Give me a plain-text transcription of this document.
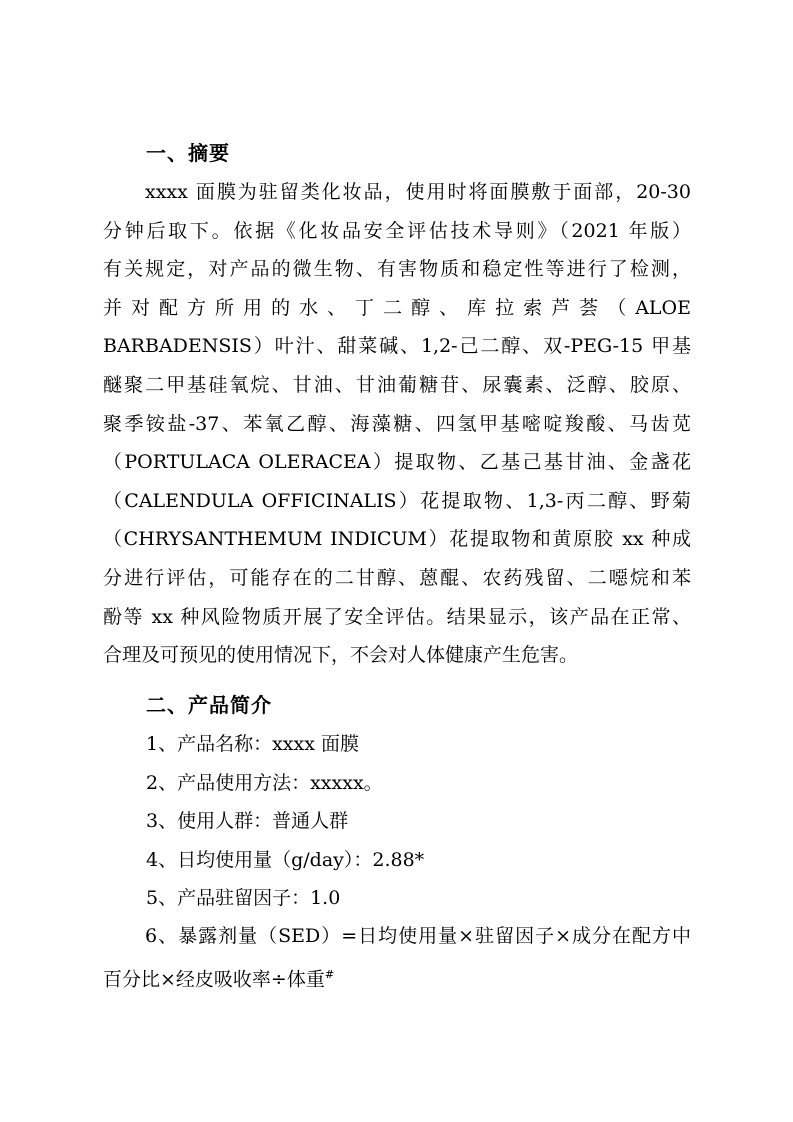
一、摘要
xxxx 面膜为驻留类化妆品，使用时将面膜敷于面部，20-30
分钟后取下。依据《化妆品安全评估技术导则》（2021 年版）
有关规定，对产品的微生物、有害物质和稳定性等进行了检测，
并 对 配 方 所 用 的 水 、 丁 二 醇 、 库 拉 索 芦 荟 （ ALOE
BARBADENSIS）叶汁、甜菜碱、1,2-己二醇、双-PEG-15 甲基
醚聚二甲基硅氧烷、甘油、甘油葡糖苷、尿囊素、泛醇、胶原、
聚季铵盐-37、苯氧乙醇、海藻糖、四氢甲基嘧啶羧酸、马齿苋
（PORTULACA OLERACEA）提取物、乙基己基甘油、金盏花
（CALENDULA OFFICINALIS）花提取物、1,3-丙二醇、野菊
（CHRYSANTHEMUM INDICUM）花提取物和黄原胶 xx 种成
分进行评估，可能存在的二甘醇、蒽醌、农药残留、二噁烷和苯
酚等 xx 种风险物质开展了安全评估。结果显示，该产品在正常、
合理及可预见的使用情况下，不会对人体健康产生危害。
二、产品简介
1、产品名称：xxxx 面膜
2、产品使用方法：xxxxx。
3、使用人群：普通人群
4、日均使用量（g/day）：2.88*
5、产品驻留因子：1.0
6、暴露剂量（SED）=日均使用量×驻留因子×成分在配方中
百分比×经皮吸收率÷体重#
